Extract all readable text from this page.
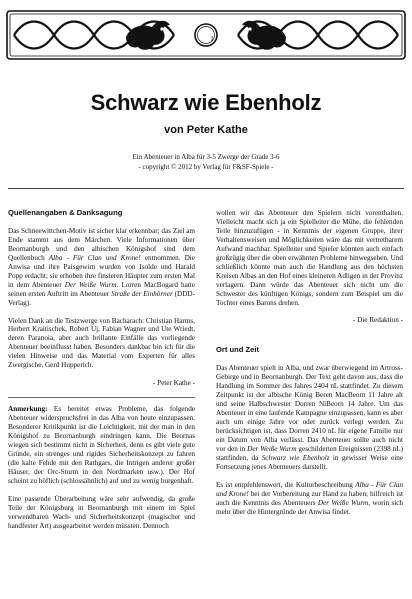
1
Schwarz wie Ebenholz
von Peter Kathe
Ein Abenteuer in Alba für 3-5 Zwerge der Grade 3-6
- copyright © 2012 by Verlag für F&SF-Spiele -
Quellenangaben & Danksagung

Das Schneewittchen-Motiv ist sicher klar erkennbar; das Ziel am Ende stammt aus dem Märchen. Viele Informationen über Beornanburgh und den albischen Königshof sind dem Quellenbuch Alba - Für Clan und Krone! entnommen. Die Anwisa und ihre Paisgewirn wurden von Isolde und Harald Popp erdacht; sie erhoben ihre finsteren Häupter zum ersten Mal in dem Abenteuer Der Weiße Wurm. Lorren MacBogard hatte seinen ersten Auftritt im Abenteuer Straße der Einhörner (DDD-Verlag).

Vielen Dank an die Testzwerge von Bacharach: Christian Harms, Herbert Kraitischek, Robert Uj, Fabian Wagner und Ute Wriedt, deren Paranoia, aber auch brillante Einfälle das vorliegende Abenteuer beeinflusst haben. Besonders dankbar bin ich für die vielen Hinweise und das Material vom Experten für alles Zwergische, Gerd Hupperich.

- Peter Kathe -

Anmerkung: Es bereitet etwas Probleme, das folgende Abenteuer widerspruchsfrei in das Alba von heute einzupassen. Besonderer Kritikpunkt ist die Leichtigkeit, mit der man in den Königshof zu Beornanburgh eindringen kann. Die Beornas wiegen sich bestimmt nicht in Sicherheit, denn es gibt viele gute Gründe, ein strenges und rigides Sicherheitskonzept zu fahren (die kalte Fehde mit den Rathgars, die Intrigen anderer großer Häuser, der Orc-Sturm in den Nordmarken usw.). Der Hof scheint zu höflich (schlossähnlich) auf und zu wenig burgenhaft.

Eine passende Überarbeitung wäre sehr aufwendig, da große Teile der Königsburg in Beornanburgh mit einem im Spiel verwendbaren Wach- und Sicherheitskonzept (magischer und handfester Art) ausgearbeitet werden müssten. Dennoch

wollen wir das Abenteuer den Spielern nicht vorenthalten. Vielleicht macht sich ja ein Spielleiter die Mühe, die fehlenden Teile hinzuzufügen - in Kenntnis der eigenen Gruppe, ihrer Verhaltensweisen und Möglichkeiten wäre das mit vertretbarem Aufwand machbar. Spielleiter und Spieler könnten auch einfach großzügig über die oben erwähnten Probleme hinwegsehen. Und schließlich könnte man auch die Handlung aus den höchsten Kreisen Albas an den Hof eines kleineren Adligen in der Provinz verlagern. Dann würde das Abenteuer sich nicht um die Schwester des künftigen Königs, sondern zum Beispiel um die Tochter eines Barons drehen.

- Die Redaktion -
Ort und Zeit

Das Abenteuer spielt in Alba, und zwar überwiegend im Artross-Gebirge und in Beornanburgh. Der Text geht davon aus, dass die Handlung im Sommer des Jahres 2404 nL stattfindet. Zu diesem Zeitpunkt ist der albische König Beren MacBeorn 11 Jahre alt und seine Halbschwester Dorren NiBeorn 14 Jahre. Um das Abenteuer in eine laufende Kampagne einzupassen, kann es aber auch um einige Jahre vor oder zurück verlegt werden. Zu berücksichtigen ist, dass Dorren 2410 nL für eigene Familie nur ein Datum von Alba verlässt. Das Abenteuer sollte auch nicht vor den in Der Weiße Wurm geschilderten Ereignissen (2398 nL) stattfinden, da Schwarz wie Ebenholz in gewisser Weise eine Fortsetzung jenes Abenteuers darstellt.

Es ist empfehlenswert, die Kulturbeschreibung Alba - Für Clan und Krone! bei der Vorbereitung zur Hand zu haben; hilfreich ist auch die Kenntnis des Abenteuers Der Weiße Wurm, worin sich mehr über die Hintergründe der Anwisa findet.
